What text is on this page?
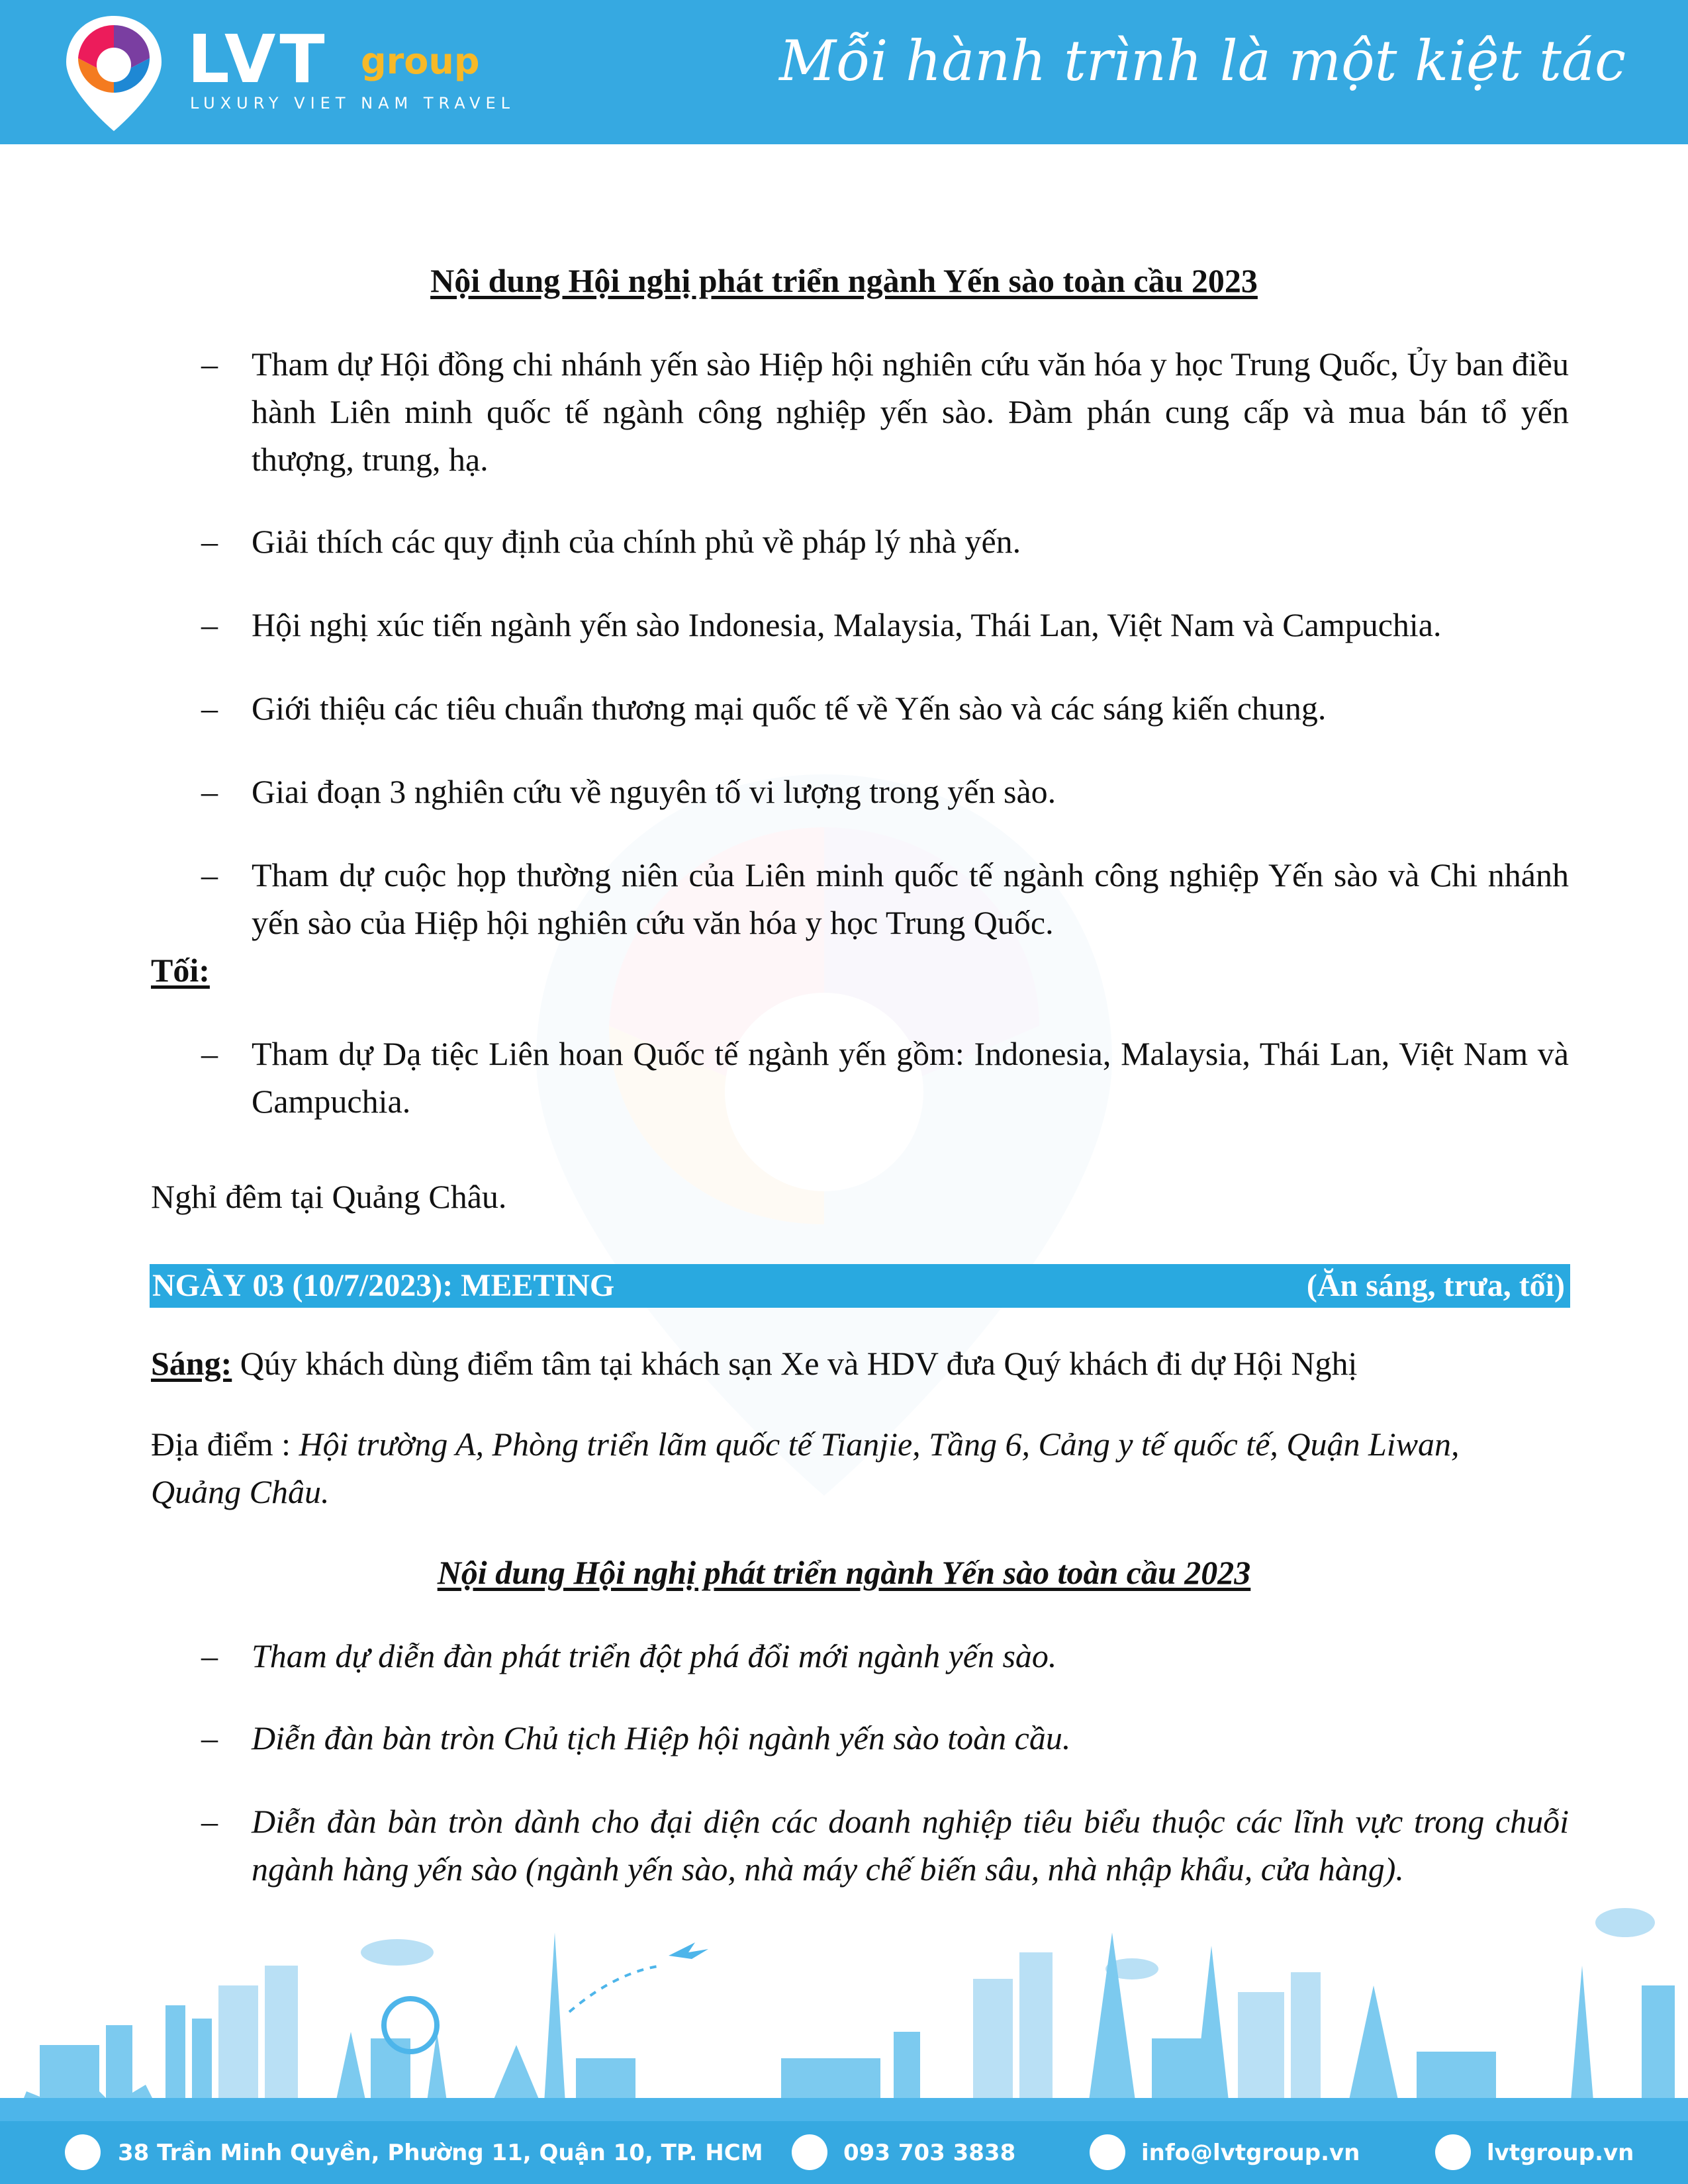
LVT group
LUXURY VIET NAM TRAVEL
Mỗi hành trình là một kiệt tác
Nội dung Hội nghị phát triển ngành Yến sào toàn cầu 2023
– Tham dự Hội đồng chi nhánh yến sào Hiệp hội nghiên cứu văn hóa y học Trung Quốc, Ủy ban điều hành Liên minh quốc tế ngành công nghiệp yến sào. Đàm phán cung cấp và mua bán tổ yến thượng, trung, hạ.
– Giải thích các quy định của chính phủ về pháp lý nhà yến.
– Hội nghị xúc tiến ngành yến sào Indonesia, Malaysia, Thái Lan, Việt Nam và Campuchia.
– Giới thiệu các tiêu chuẩn thương mại quốc tế về Yến sào và các sáng kiến chung.
– Giai đoạn 3 nghiên cứu về nguyên tố vi lượng trong yến sào.
– Tham dự cuộc họp thường niên của Liên minh quốc tế ngành công nghiệp Yến sào và Chi nhánh yến sào của Hiệp hội nghiên cứu văn hóa y học Trung Quốc.
Tối:
– Tham dự Dạ tiệc Liên hoan Quốc tế ngành yến gồm: Indonesia, Malaysia, Thái Lan, Việt Nam và Campuchia.
Nghỉ đêm tại Quảng Châu.
NGÀY 03 (10/7/2023): MEETING	(Ăn sáng, trưa, tối)
Sáng: Qúy khách dùng điểm tâm tại khách sạn Xe và HDV đưa Quý khách đi dự Hội Nghị
Địa điểm : Hội trường A, Phòng triển lãm quốc tế Tianjie, Tầng 6, Cảng y tế quốc tế, Quận Liwan, Quảng Châu.
Nội dung Hội nghị phát triển ngành Yến sào toàn cầu 2023
– Tham dự diễn đàn phát triển đột phá đổi mới ngành yến sào.
– Diễn đàn bàn tròn Chủ tịch Hiệp hội ngành yến sào toàn cầu.
– Diễn đàn bàn tròn dành cho đại diện các doanh nghiệp tiêu biểu thuộc các lĩnh vực trong chuỗi ngành hàng yến sào (ngành yến sào, nhà máy chế biến sâu, nhà nhập khẩu, cửa hàng).
38 Trần Minh Quyền, Phường 11, Quận 10, TP. HCM	093 703 3838	info@lvtgroup.vn	lvtgroup.vn
